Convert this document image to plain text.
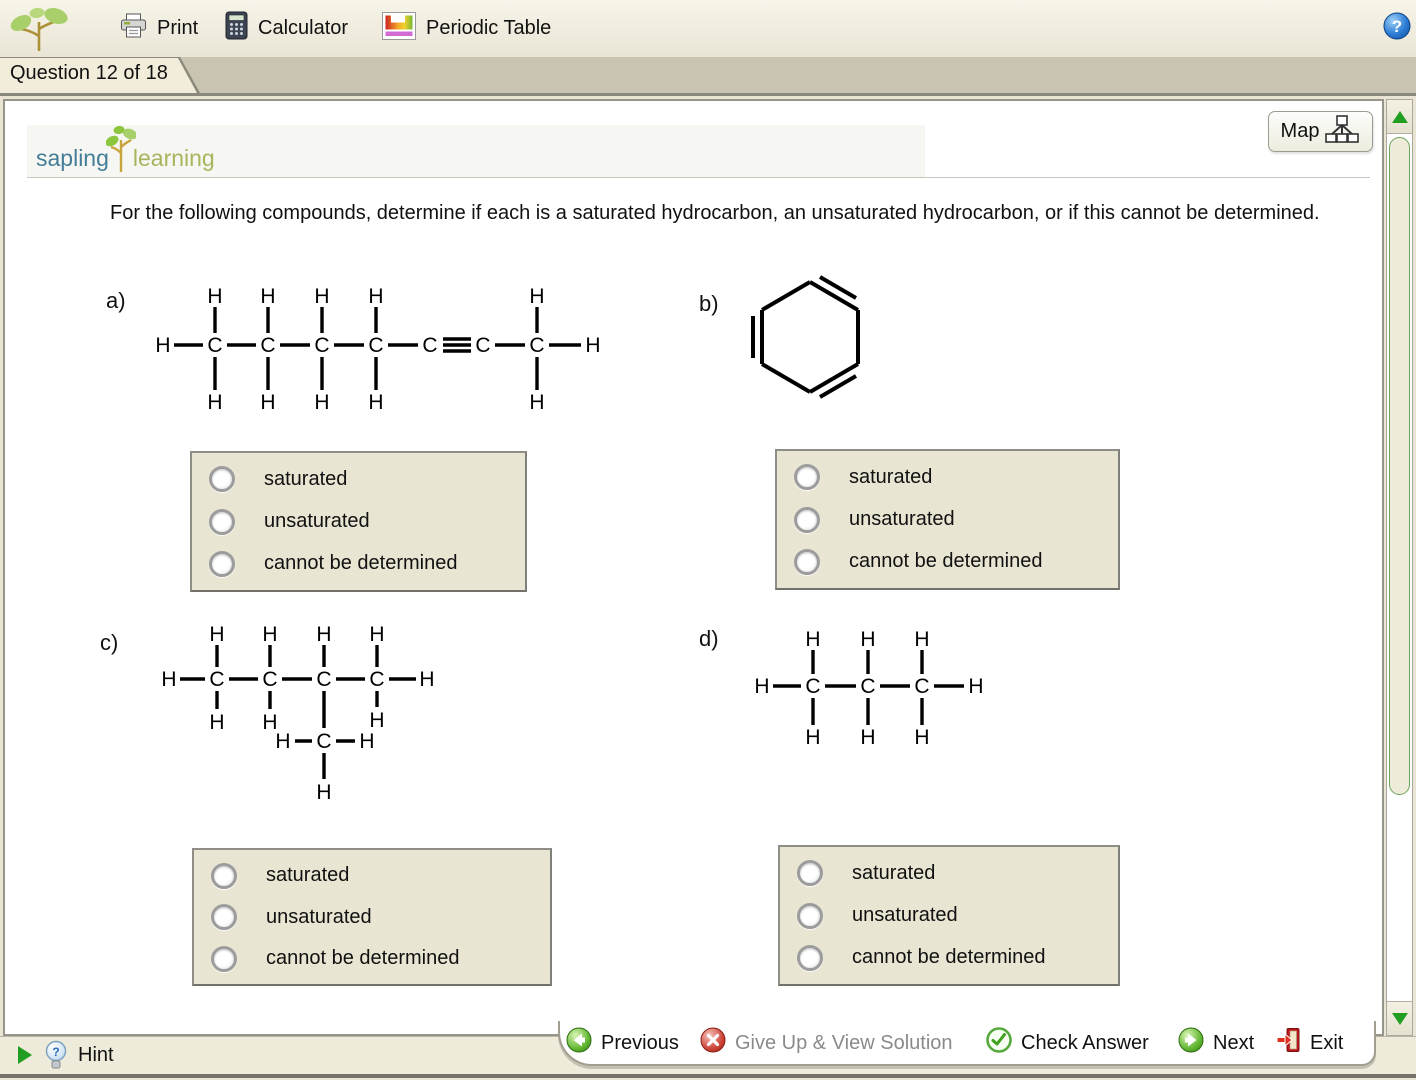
Print	Calculator	Periodic Table	?
Question 12 of 18
sapling learning
Map
For the following compounds, determine if each is a saturated hydrocarbon, an unsaturated hydrocarbon, or if this cannot be determined.
a)	b)
c)	d)
H C C C C C C C H
H H H H	H
H H H H	H
H C C C C H
H H H H
H H	H
C
H	H
H
H C C C H
H H H
H H H
saturated
unsaturated
cannot be determined
saturated
unsaturated
cannot be determined
saturated
unsaturated
cannot be determined
saturated
unsaturated
cannot be determined
? Hint
Previous	Give Up & View Solution	Check Answer	Next	Exit
